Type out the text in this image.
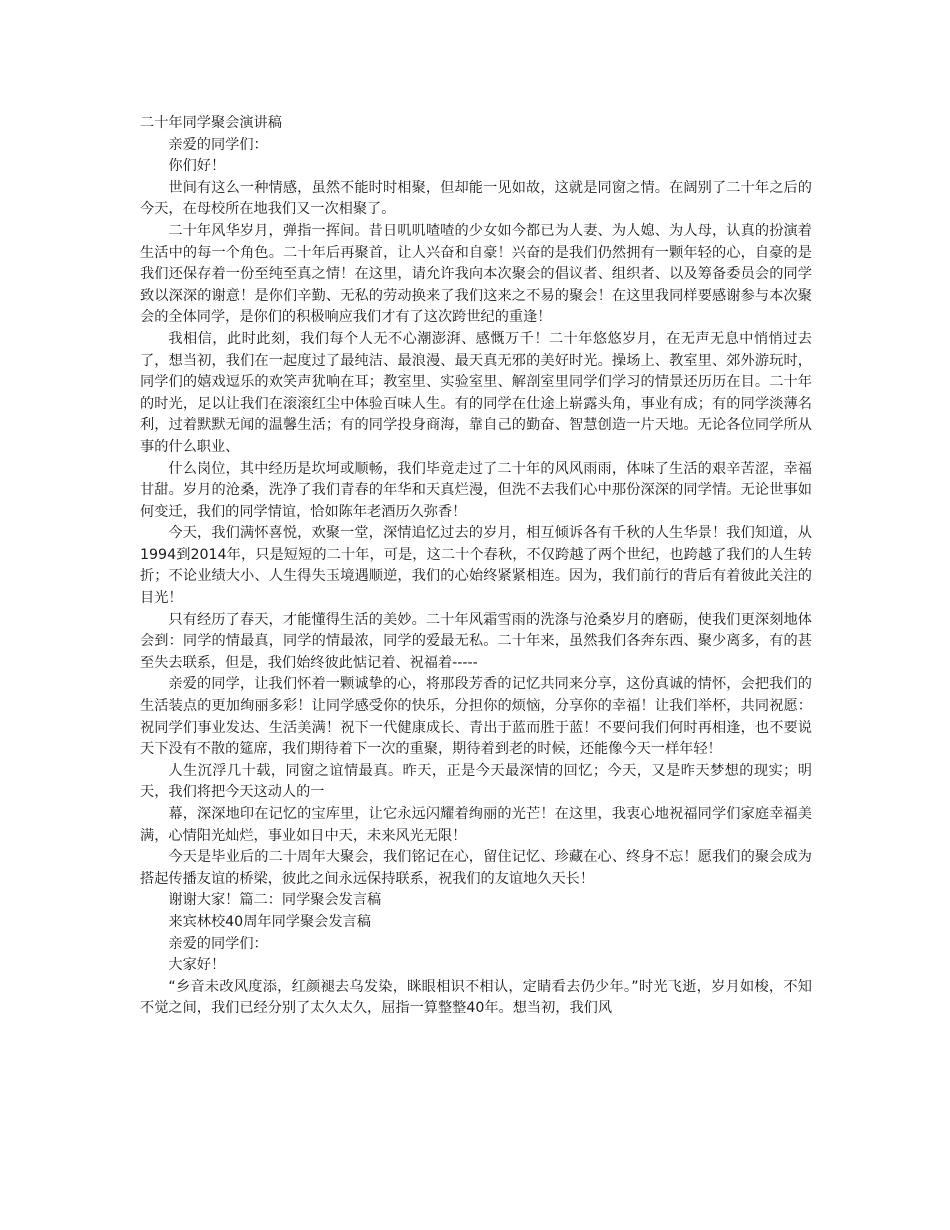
二十年同学聚会演讲稿

亲爱的同学们：

你们好！

世间有这么一种情感，虽然不能时时相聚，但却能一见如故，这就是同窗之情。在阔别了二十年之后的今天，在母校所在地我们又一次相聚了。

二十年风华岁月，弹指一挥间。昔日叽叽喳喳的少女如今都已为人妻、为人媳、为人母，认真的扮演着生活中的每一个角色。二十年后再聚首，让人兴奋和自豪！兴奋的是我们仍然拥有一颗年轻的心，自豪的是我们还保存着一份至纯至真之情！在这里，请允许我向本次聚会的倡议者、组织者、以及筹备委员会的同学致以深深的谢意！是你们辛勤、无私的劳动换来了我们这来之不易的聚会！在这里我同样要感谢参与本次聚会的全体同学，是你们的积极响应我们才有了这次跨世纪的重逢！

我相信，此时此刻，我们每个人无不心潮澎湃、感慨万千！二十年悠悠岁月，在无声无息中悄悄过去了，想当初，我们在一起度过了最纯洁、最浪漫、最天真无邪的美好时光。操场上、教室里、郊外游玩时，同学们的嬉戏逗乐的欢笑声犹响在耳；教室里、实验室里、解剖室里同学们学习的情景还历历在目。二十年的时光，足以让我们在滚滚红尘中体验百味人生。有的同学在仕途上崭露头角，事业有成；有的同学淡薄名利，过着默默无闻的温馨生活；有的同学投身商海，靠自己的勤奋、智慧创造一片天地。无论各位同学所从事的什么职业、

什么岗位，其中经历是坎坷或顺畅，我们毕竟走过了二十年的风风雨雨，体味了生活的艰辛苦涩，幸福甘甜。岁月的沧桑，洗净了我们青春的年华和天真烂漫，但洗不去我们心中那份深深的同学情。无论世事如何变迁，我们的同学情谊，恰如陈年老酒历久弥香！

今天，我们满怀喜悦，欢聚一堂，深情追忆过去的岁月，相互倾诉各有千秋的人生华景！我们知道，从1994到2014年，只是短短的二十年，可是，这二十个春秋，不仅跨越了两个世纪，也跨越了我们的人生转折；不论业绩大小、人生得失玉境遇顺逆，我们的心始终紧紧相连。因为，我们前行的背后有着彼此关注的目光！

只有经历了春天，才能懂得生活的美妙。二十年风霜雪雨的洗涤与沧桑岁月的磨砺，使我们更深刻地体会到：同学的情最真，同学的情最浓，同学的爱最无私。二十年来，虽然我们各奔东西、聚少离多，有的甚至失去联系，但是，我们始终彼此惦记着、祝福着-----

亲爱的同学，让我们怀着一颗诚挚的心，将那段芳香的记忆共同来分享，这份真诚的情怀，会把我们的生活装点的更加绚丽多彩！让同学感受你的快乐，分担你的烦恼，分享你的幸福！让我们举杯，共同祝愿：祝同学们事业发达、生活美满！祝下一代健康成长、青出于蓝而胜于蓝！不要问我们何时再相逢，也不要说天下没有不散的筵席，我们期待着下一次的重聚，期待着到老的时候，还能像今天一样年轻！

人生沉浮几十载，同窗之谊情最真。昨天，正是今天最深情的回忆；今天，又是昨天梦想的现实；明天，我们将把今天这动人的一

幕，深深地印在记忆的宝库里，让它永远闪耀着绚丽的光芒！在这里，我衷心地祝福同学们家庭幸福美满，心情阳光灿烂，事业如日中天，未来风光无限！

今天是毕业后的二十周年大聚会，我们铭记在心，留住记忆、珍藏在心、终身不忘！愿我们的聚会成为搭起传播友谊的桥梁，彼此之间永远保持联系，祝我们的友谊地久天长！

谢谢大家！篇二：同学聚会发言稿

来宾林校40周年同学聚会发言稿

亲爱的同学们：

大家好！

“乡音未改风度添，红颜褪去乌发染，眯眼相识不相认，定睛看去仍少年。”时光飞逝，岁月如梭，不知不觉之间，我们已经分别了太久太久，屈指一算整整40年。想当初，我们风
